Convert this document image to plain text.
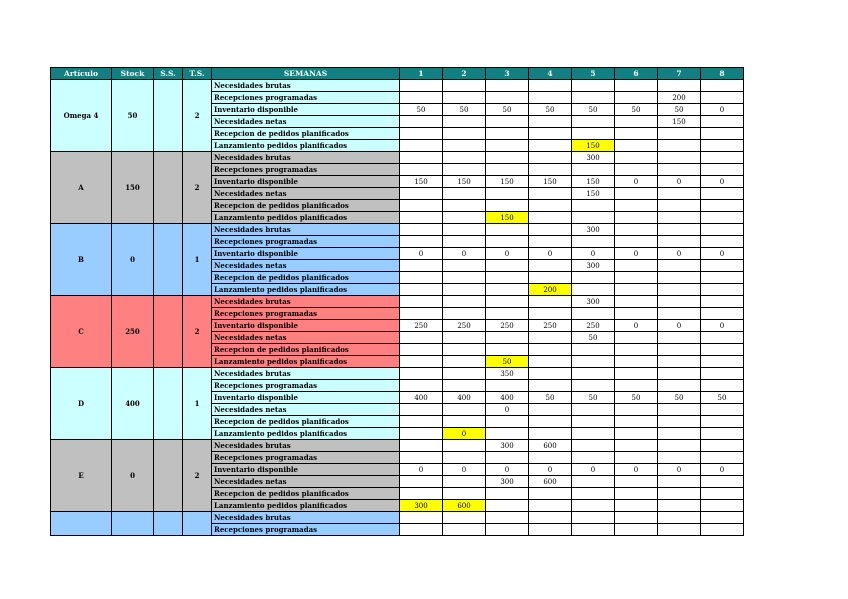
Artículo	Stock	S.S.	T.S.	SEMANAS	1	2	3	4	5	6	7	8
Omega 4	50		2	Necesidades brutas								
				Recepciones programadas							200	
				Inventario disponible	50	50	50	50	50	50	50	0
				Necesidades netas							150	
				Recepcion de pedidos planificados								
				Lanzamiento pedidos planificados					150			
A	150		2	Necesidades brutas					300			
				Recepciones programadas								
				Inventario disponible	150	150	150	150	150	0	0	0
				Necesidades netas					150			
				Recepcion de pedidos planificados								
				Lanzamiento pedidos planificados			150					
B	0		1	Necesidades brutas					300			
				Recepciones programadas								
				Inventario disponible	0	0	0	0	0	0	0	0
				Necesidades netas					300			
				Recepcion de pedidos planificados								
				Lanzamiento pedidos planificados				200				
C	250		2	Necesidades brutas					300			
				Recepciones programadas								
				Inventario disponible	250	250	250	250	250	0	0	0
				Necesidades netas					50			
				Recepcion de pedidos planificados								
				Lanzamiento pedidos planificados			50					
D	400		1	Necesidades brutas			350					
				Recepciones programadas								
				Inventario disponible	400	400	400	50	50	50	50	50
				Necesidades netas			0					
				Recepcion de pedidos planificados								
				Lanzamiento pedidos planificados		0						
E	0		2	Necesidades brutas			300	600				
				Recepciones programadas								
				Inventario disponible	0	0	0	0	0	0	0	0
				Necesidades netas			300	600				
				Recepcion de pedidos planificados								
				Lanzamiento pedidos planificados	300	600						
				Necesidades brutas								
				Recepciones programadas								
